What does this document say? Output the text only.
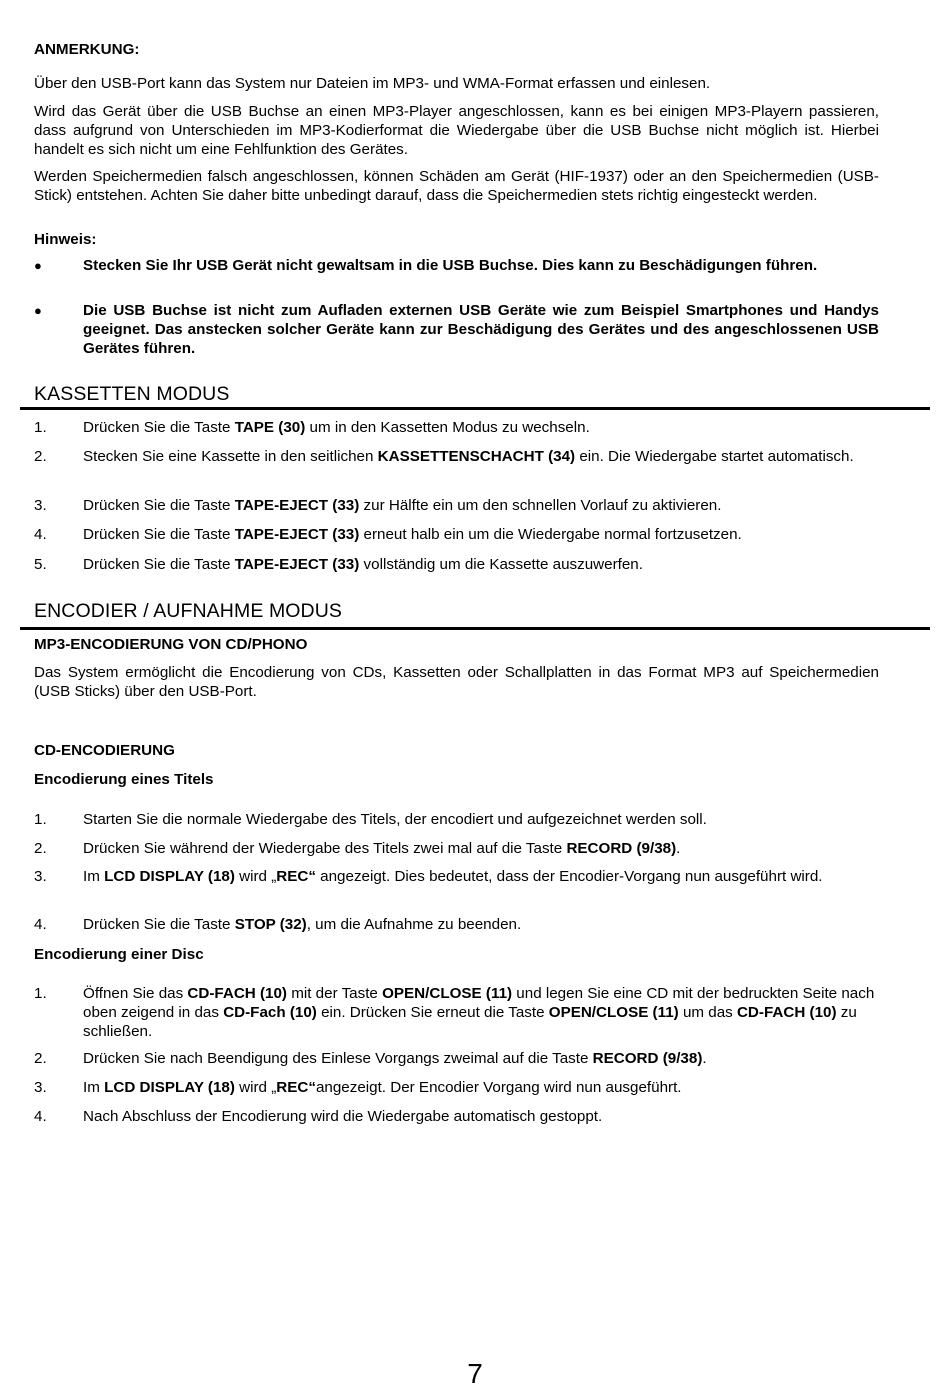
ANMERKUNG:
Über den USB-Port kann das System nur Dateien im MP3- und WMA-Format erfassen und einlesen.
Wird das Gerät über die USB Buchse an einen MP3-Player angeschlossen, kann es bei einigen MP3-Playern passieren, dass aufgrund von Unterschieden im MP3-Kodierformat die Wiedergabe über die USB Buchse nicht möglich ist. Hierbei handelt es sich nicht um eine Fehlfunktion des Gerätes.
Werden Speichermedien falsch angeschlossen, können Schäden am Gerät (HIF-1937) oder an den Speichermedien (USB-Stick) entstehen. Achten Sie daher bitte unbedingt darauf, dass die Speichermedien stets richtig eingesteckt werden.
Hinweis:
●	Stecken Sie Ihr USB Gerät nicht gewaltsam in die USB Buchse. Dies kann zu Beschädigungen führen.
●	Die USB Buchse ist nicht zum Aufladen externen USB Geräte wie zum Beispiel Smartphones und Handys geeignet. Das anstecken solcher Geräte kann zur Beschädigung des Gerätes und des angeschlossenen USB Gerätes führen.
KASSETTEN MODUS
1.	Drücken Sie die Taste TAPE (30) um in den Kassetten Modus zu wechseln.
2.	Stecken Sie eine Kassette in den seitlichen KASSETTENSCHACHT (34) ein. Die Wiedergabe startet automatisch.
3.	Drücken Sie die Taste TAPE-EJECT (33) zur Hälfte ein um den schnellen Vorlauf zu aktivieren.
4.	Drücken Sie die Taste TAPE-EJECT (33) erneut halb ein um die Wiedergabe normal fortzusetzen.
5.	Drücken Sie die Taste TAPE-EJECT (33) vollständig um die Kassette auszuwerfen.
ENCODIER / AUFNAHME MODUS
MP3-ENCODIERUNG VON CD/PHONO
Das System ermöglicht die Encodierung von CDs, Kassetten oder Schallplatten in das Format MP3 auf Speichermedien (USB Sticks) über den USB-Port.
CD-ENCODIERUNG
Encodierung eines Titels
1.	Starten Sie die normale Wiedergabe des Titels, der encodiert und aufgezeichnet werden soll.
2.	Drücken Sie während der Wiedergabe des Titels zwei mal auf die Taste RECORD (9/38).
3.	Im LCD DISPLAY (18) wird „REC“ angezeigt. Dies bedeutet, dass der Encodier-Vorgang nun ausgeführt wird.
4.	Drücken Sie die Taste STOP (32), um die Aufnahme zu beenden.
Encodierung einer Disc
1.	Öffnen Sie das CD-FACH (10) mit der Taste OPEN/CLOSE (11) und legen Sie eine CD mit der bedruckten Seite nach oben zeigend in das CD-Fach (10) ein. Drücken Sie erneut die Taste OPEN/CLOSE (11) um das CD-FACH (10) zu schließen.
2.	Drücken Sie nach Beendigung des Einlese Vorgangs zweimal auf die Taste RECORD (9/38).
3.	Im LCD DISPLAY (18) wird „REC“angezeigt. Der Encodier Vorgang wird nun ausgeführt.
4.	Nach Abschluss der Encodierung wird die Wiedergabe automatisch gestoppt.
7
